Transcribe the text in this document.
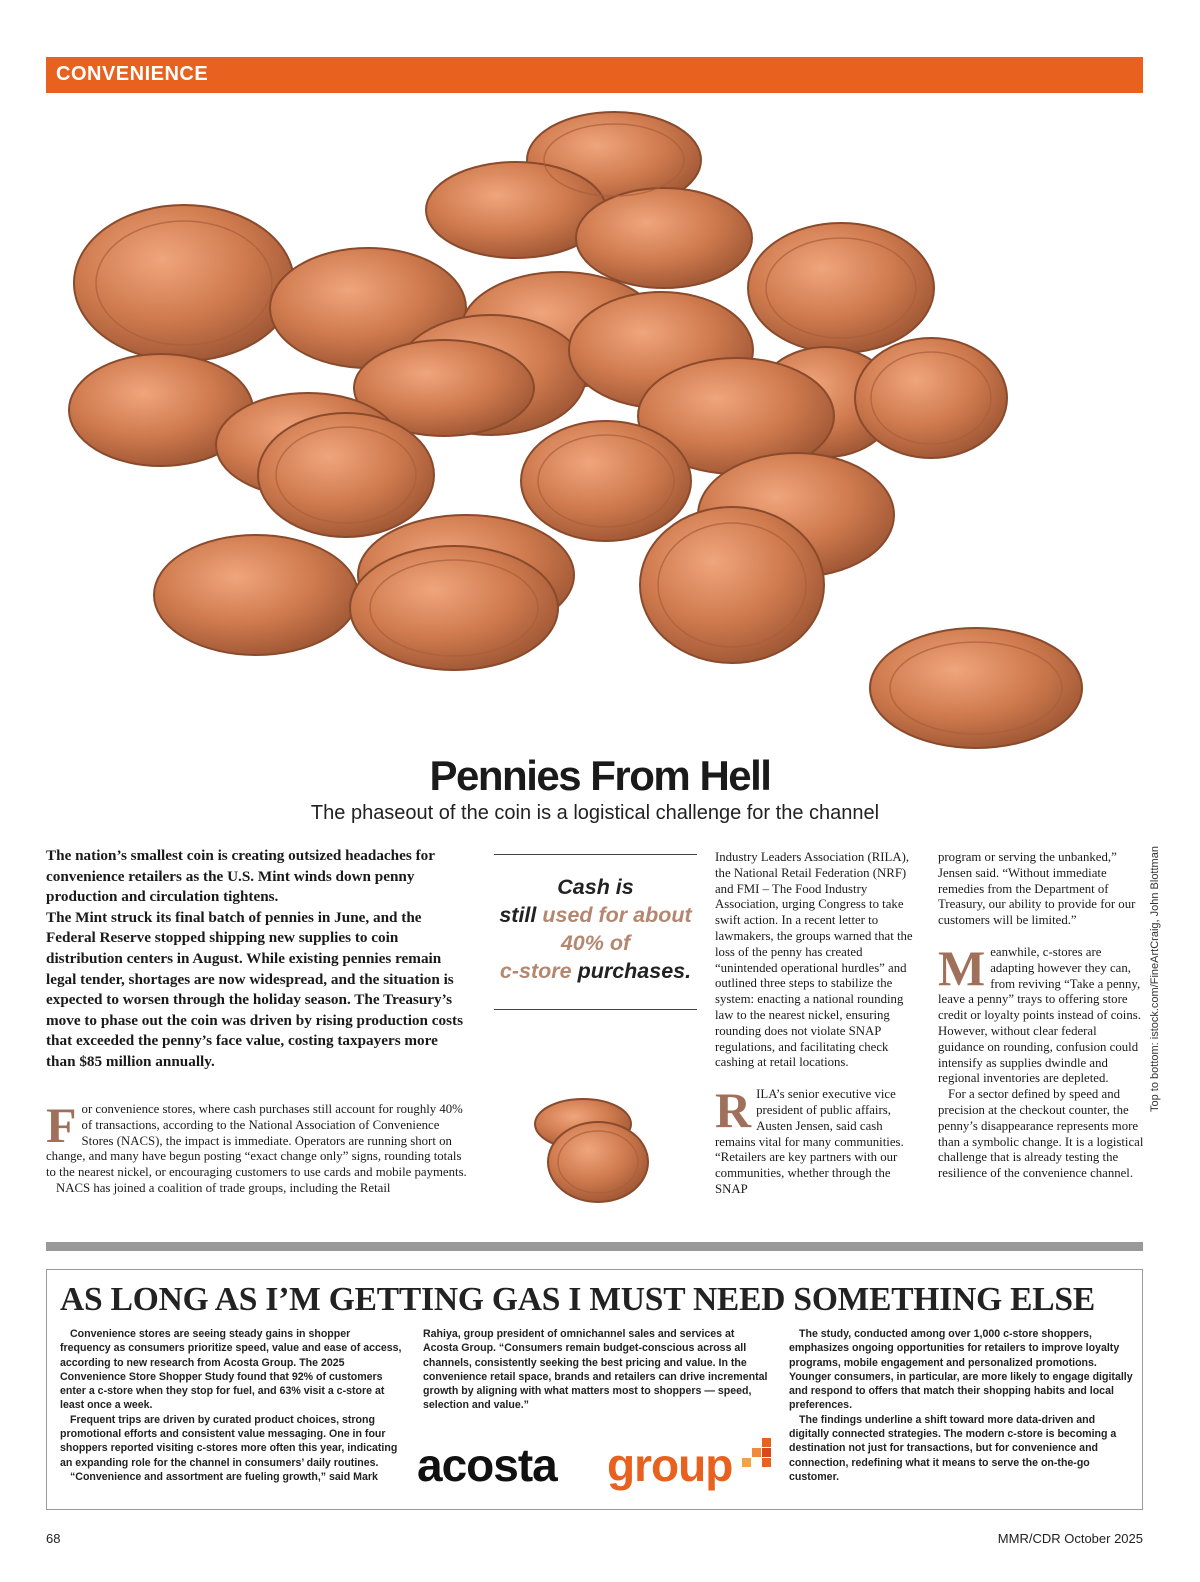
CONVENIENCE
Pennies From Hell
The phaseout of the coin is a logistical challenge for the channel

The nation’s smallest coin is creating outsized headaches for convenience retailers as the U.S. Mint winds down penny production and circulation tightens.

The Mint struck its final batch of pennies in June, and the Federal Reserve stopped shipping new supplies to coin distribution centers in August. While existing pennies remain legal tender, shortages are now widespread, and the situation is expected to worsen through the holiday season. The Treasury’s move to phase out the coin was driven by rising production costs that exceeded the penny’s face value, costing taxpayers more than $85 million annually.

For convenience stores, where cash purchases still account for roughly 40% of transactions, according to the National Association of Convenience Stores (NACS), the impact is immediate. Operators are running short on change, and many have begun posting “exact change only” signs, rounding totals to the nearest nickel, or encouraging customers to use cards and mobile payments.

NACS has joined a coalition of trade groups, including the Retail

Cash is
still used for about
40% of
c-store purchases.

Industry Leaders Association (RILA), the National Retail Federation (NRF) and FMI – The Food Industry Association, urging Congress to take swift action. In a recent letter to lawmakers, the groups warned that the loss of the penny has created “unintended operational hurdles” and outlined three steps to stabilize the system: enacting a national rounding law to the nearest nickel, ensuring rounding does not violate SNAP regulations, and facilitating check cashing at retail locations.

RILA’s senior executive vice president of public affairs, Austen Jensen, said cash remains vital for many communities. “Retailers are key partners with our communities, whether through the SNAP

program or serving the unbanked,” Jensen said. “Without immediate remedies from the Department of Treasury, our ability to provide for our customers will be limited.”

Meanwhile, c-stores are adapting however they can, from reviving “Take a penny, leave a penny” trays to offering store credit or loyalty points instead of coins. However, without clear federal guidance on rounding, confusion could intensify as supplies dwindle and regional inventories are depleted.

For a sector defined by speed and precision at the checkout counter, the penny’s disappearance represents more than a symbolic change. It is a logistical challenge that is already testing the resilience of the convenience channel.

Top to bottom: istock.com/FineArtCraig, John Blottman
AS LONG AS I’M GETTING GAS I MUST NEED SOMETHING ELSE

Convenience stores are seeing steady gains in shopper frequency as consumers prioritize speed, value and ease of access, according to new research from Acosta Group. The 2025 Convenience Store Shopper Study found that 92% of customers enter a c-store when they stop for fuel, and 63% visit a c-store at least once a week.

Frequent trips are driven by curated product choices, strong promotional efforts and consistent value messaging. One in four shoppers reported visiting c-stores more often this year, indicating an expanding role for the channel in consumers’ daily routines.

“Convenience and assortment are fueling growth,” said Mark

Rahiya, group president of omnichannel sales and services at Acosta Group. “Consumers remain budget-conscious across all channels, consistently seeking the best pricing and value. In the convenience retail space, brands and retailers can drive incremental growth by aligning with what matters most to shoppers — speed, selection and value.”

The study, conducted among over 1,000 c-store shoppers, emphasizes ongoing opportunities for retailers to improve loyalty programs, mobile engagement and personalized promotions. Younger consumers, in particular, are more likely to engage digitally and respond to offers that match their shopping habits and local preferences.

The findings underline a shift toward more data-driven and digitally connected strategies. The modern c-store is becoming a destination not just for transactions, but for convenience and connection, redefining what it means to serve the on-the-go customer.

acosta group
68	MMR/CDR October 2025
